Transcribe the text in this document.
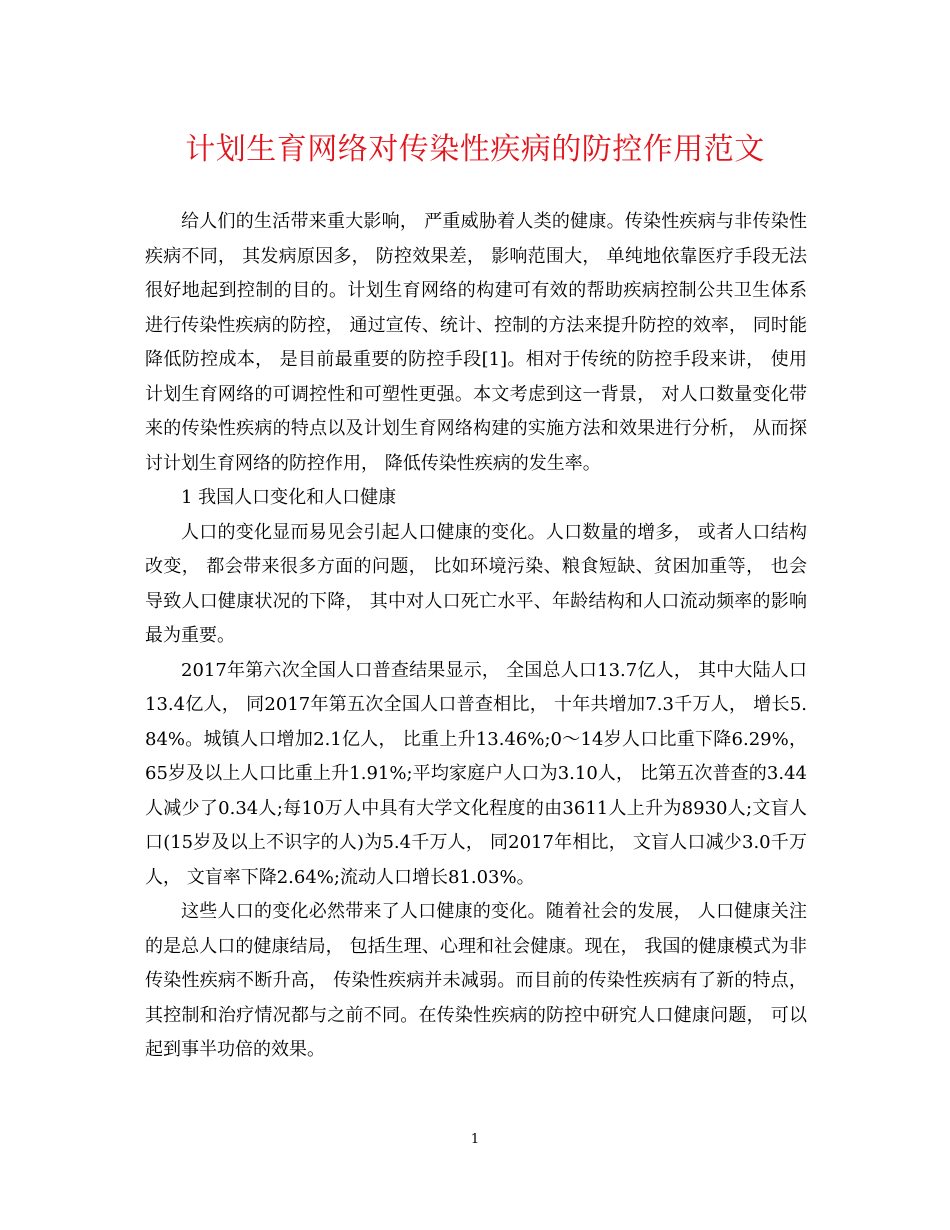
计划生育网络对传染性疾病的防控作用范文

给人们的生活带来重大影响， 严重威胁着人类的健康。传染性疾病与非传染性疾病不同， 其发病原因多， 防控效果差， 影响范围大， 单纯地依靠医疗手段无法很好地起到控制的目的。计划生育网络的构建可有效的帮助疾病控制公共卫生体系进行传染性疾病的防控， 通过宣传、统计、控制的方法来提升防控的效率， 同时能降低防控成本， 是目前最重要的防控手段[1]。相对于传统的防控手段来讲， 使用计划生育网络的可调控性和可塑性更强。本文考虑到这一背景， 对人口数量变化带来的传染性疾病的特点以及计划生育网络构建的实施方法和效果进行分析， 从而探讨计划生育网络的防控作用， 降低传染性疾病的发生率。

1 我国人口变化和人口健康

人口的变化显而易见会引起人口健康的变化。人口数量的增多， 或者人口结构改变， 都会带来很多方面的问题， 比如环境污染、粮食短缺、贫困加重等， 也会导致人口健康状况的下降， 其中对人口死亡水平、年龄结构和人口流动频率的影响最为重要。

2017年第六次全国人口普查结果显示， 全国总人口13.7亿人， 其中大陆人口13.4亿人， 同2017年第五次全国人口普查相比， 十年共增加7.3千万人， 增长5.84%。城镇人口增加2.1亿人， 比重上升13.46%;0～14岁人口比重下降6.29%， 65岁及以上人口比重上升1.91%;平均家庭户人口为3.10人， 比第五次普查的3.44人减少了0.34人;每10万人中具有大学文化程度的由3611人上升为8930人;文盲人口(15岁及以上不识字的人)为5.4千万人， 同2017年相比， 文盲人口减少3.0千万人， 文盲率下降2.64%;流动人口增长81.03%。

这些人口的变化必然带来了人口健康的变化。随着社会的发展， 人口健康关注的是总人口的健康结局， 包括生理、心理和社会健康。现在， 我国的健康模式为非传染性疾病不断升高， 传染性疾病并未减弱。而目前的传染性疾病有了新的特点， 其控制和治疗情况都与之前不同。在传染性疾病的防控中研究人口健康问题， 可以起到事半功倍的效果。

1
